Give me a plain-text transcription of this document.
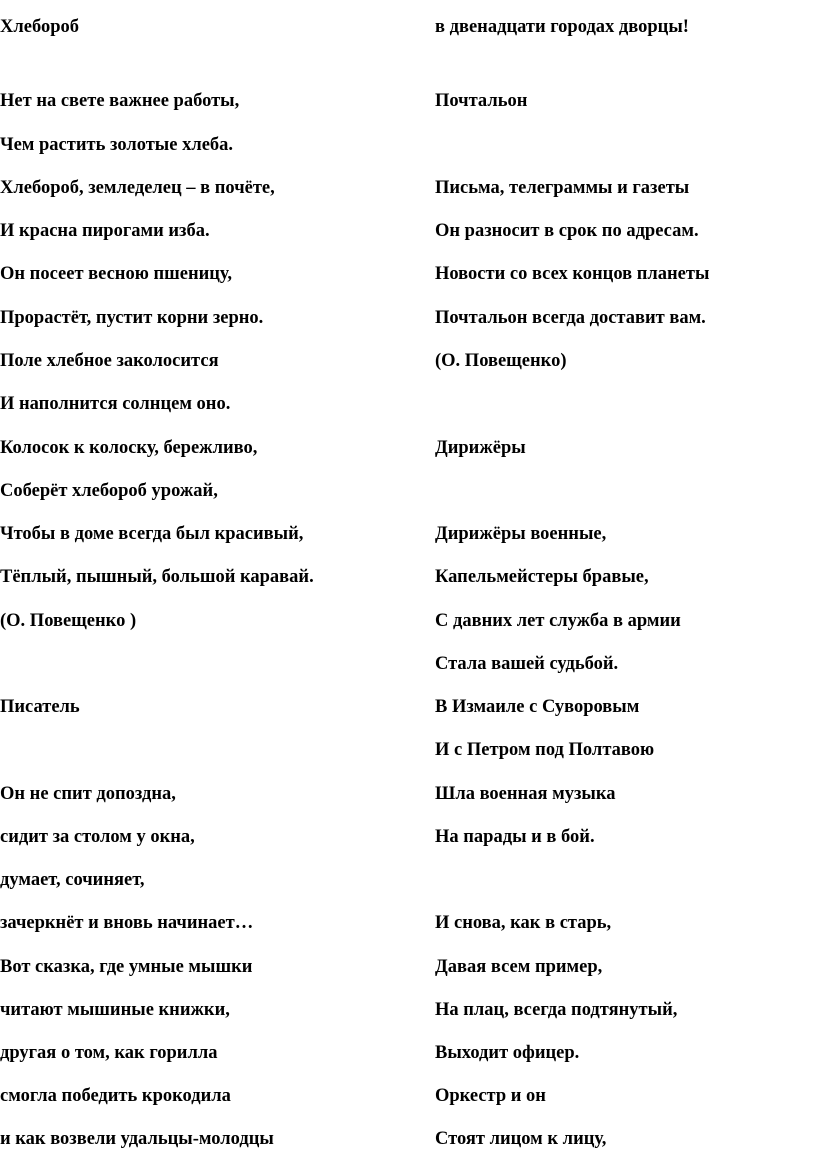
Хлебороб
Нет на свете важнее работы,
Чем растить золотые хлеба.
Хлебороб, земледелец – в почёте,
И красна пирогами изба.
Он посеет весною пшеницу,
Прорастёт, пустит корни зерно.
Поле хлебное заколосится
И наполнится солнцем оно.
Колосок к колоску, бережливо,
Соберёт хлебороб урожай,
Чтобы в доме всегда был красивый,
Тёплый, пышный, большой каравай.
(О. Повещенко )
Писатель
Он не спит допоздна,
сидит за столом у окна,
думает, сочиняет,
зачеркнёт и вновь начинает…
Вот сказка, где умные мышки
читают мышиные книжки,
другая о том, как горилла
смогла победить крокодила
и как возвели удальцы-молодцы
в двенадцати городах дворцы!
Почтальон
Письма, телеграммы и газеты
Он разносит в срок по адресам.
Новости со всех концов планеты
Почтальон всегда доставит вам.
(О. Повещенко)
Дирижёры
Дирижёры военные,
Капельмейстеры бравые,
С давних лет служба в армии
Стала вашей судьбой.
В Измаиле с Суворовым
И с Петром под Полтавою
Шла военная музыка
На парады и в бой.
И снова, как в старь,
Давая всем пример,
На плац, всегда подтянутый,
Выходит офицер.
Оркестр и он
Стоят лицом к лицу,
